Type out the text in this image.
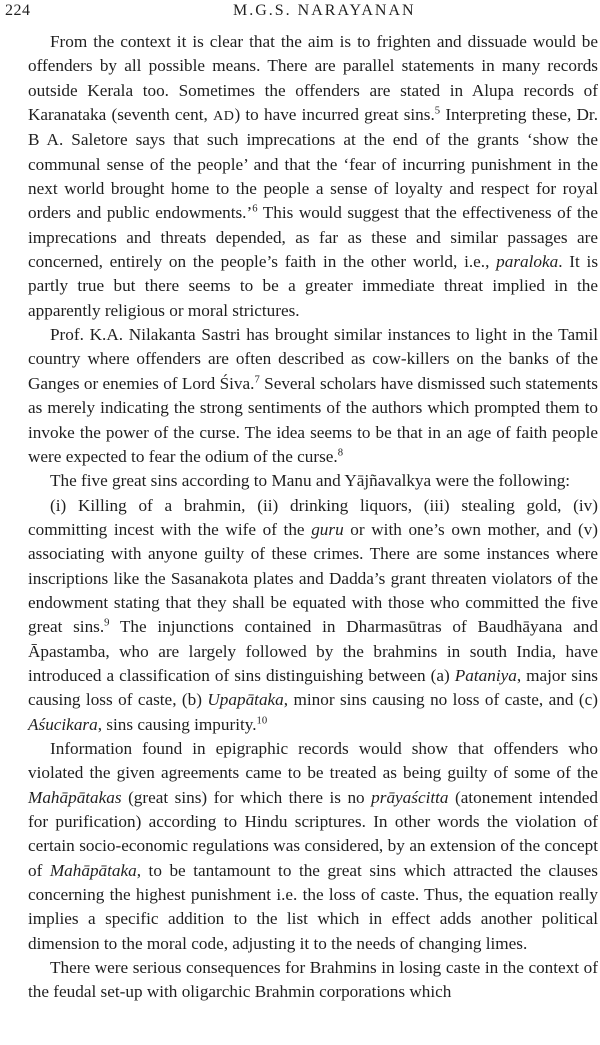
224	M.G.S. NARAYANAN

From the context it is clear that the aim is to frighten and dissuade would be offenders by all possible means. There are parallel statements in many records outside Kerala too. Sometimes the offenders are stated in Alupa records of Karanataka (seventh cent, AD) to have incurred great sins.$^5$ Interpreting these, Dr. B A. Saletore says that such imprecations at the end of the grants ‘show the communal sense of the people’ and that the ‘fear of incurring punishment in the next world brought home to the people a sense of loyalty and respect for royal orders and public endowments.’$^6$ This would suggest that the effectiveness of the imprecations and threats depended, as far as these and similar passages are concerned, entirely on the people’s faith in the other world, i.e., paraloka. It is partly true but there seems to be a greater immediate threat implied in the apparently religious or moral strictures.

Prof. K.A. Nilakanta Sastri has brought similar instances to light in the Tamil country where offenders are often described as cow-killers on the banks of the Ganges or enemies of Lord Śiva.$^7$ Several scholars have dismissed such statements as merely indicating the strong sentiments of the authors which prompted them to invoke the power of the curse. The idea seems to be that in an age of faith people were expected to fear the odium of the curse.$^8$

The five great sins according to Manu and Yājñavalkya were the following:

(i) Killing of a brahmin, (ii) drinking liquors, (iii) stealing gold, (iv) committing incest with the wife of the guru or with one’s own mother, and (v) associating with anyone guilty of these crimes. There are some instances where inscriptions like the Sasanakota plates and Dadda’s grant threaten violators of the endowment stating that they shall be equated with those who committed the five great sins.$^9$ The injunctions contained in Dharmasūtras of Baudhāyana and Āpastamba, who are largely followed by the brahmins in south India, have introduced a classification of sins distinguishing between (a) Pataniya, major sins causing loss of caste, (b) Upapātaka, minor sins causing no loss of caste, and (c) Aśucikara, sins causing impurity.$^{10}$

Information found in epigraphic records would show that offenders who violated the given agreements came to be treated as being guilty of some of the Mahāpātakas (great sins) for which there is no prāyaścitta (atonement intended for purification) according to Hindu scriptures. In other words the violation of certain socio-economic regulations was considered, by an extension of the concept of Mahāpātaka, to be tantamount to the great sins which attracted the clauses concerning the highest punishment i.e. the loss of caste. Thus, the equation really implies a specific addition to the list which in effect adds another political dimension to the moral code, adjusting it to the needs of changing limes.

There were serious consequences for Brahmins in losing caste in the context of the feudal set-up with oligarchic Brahmin corporations which
